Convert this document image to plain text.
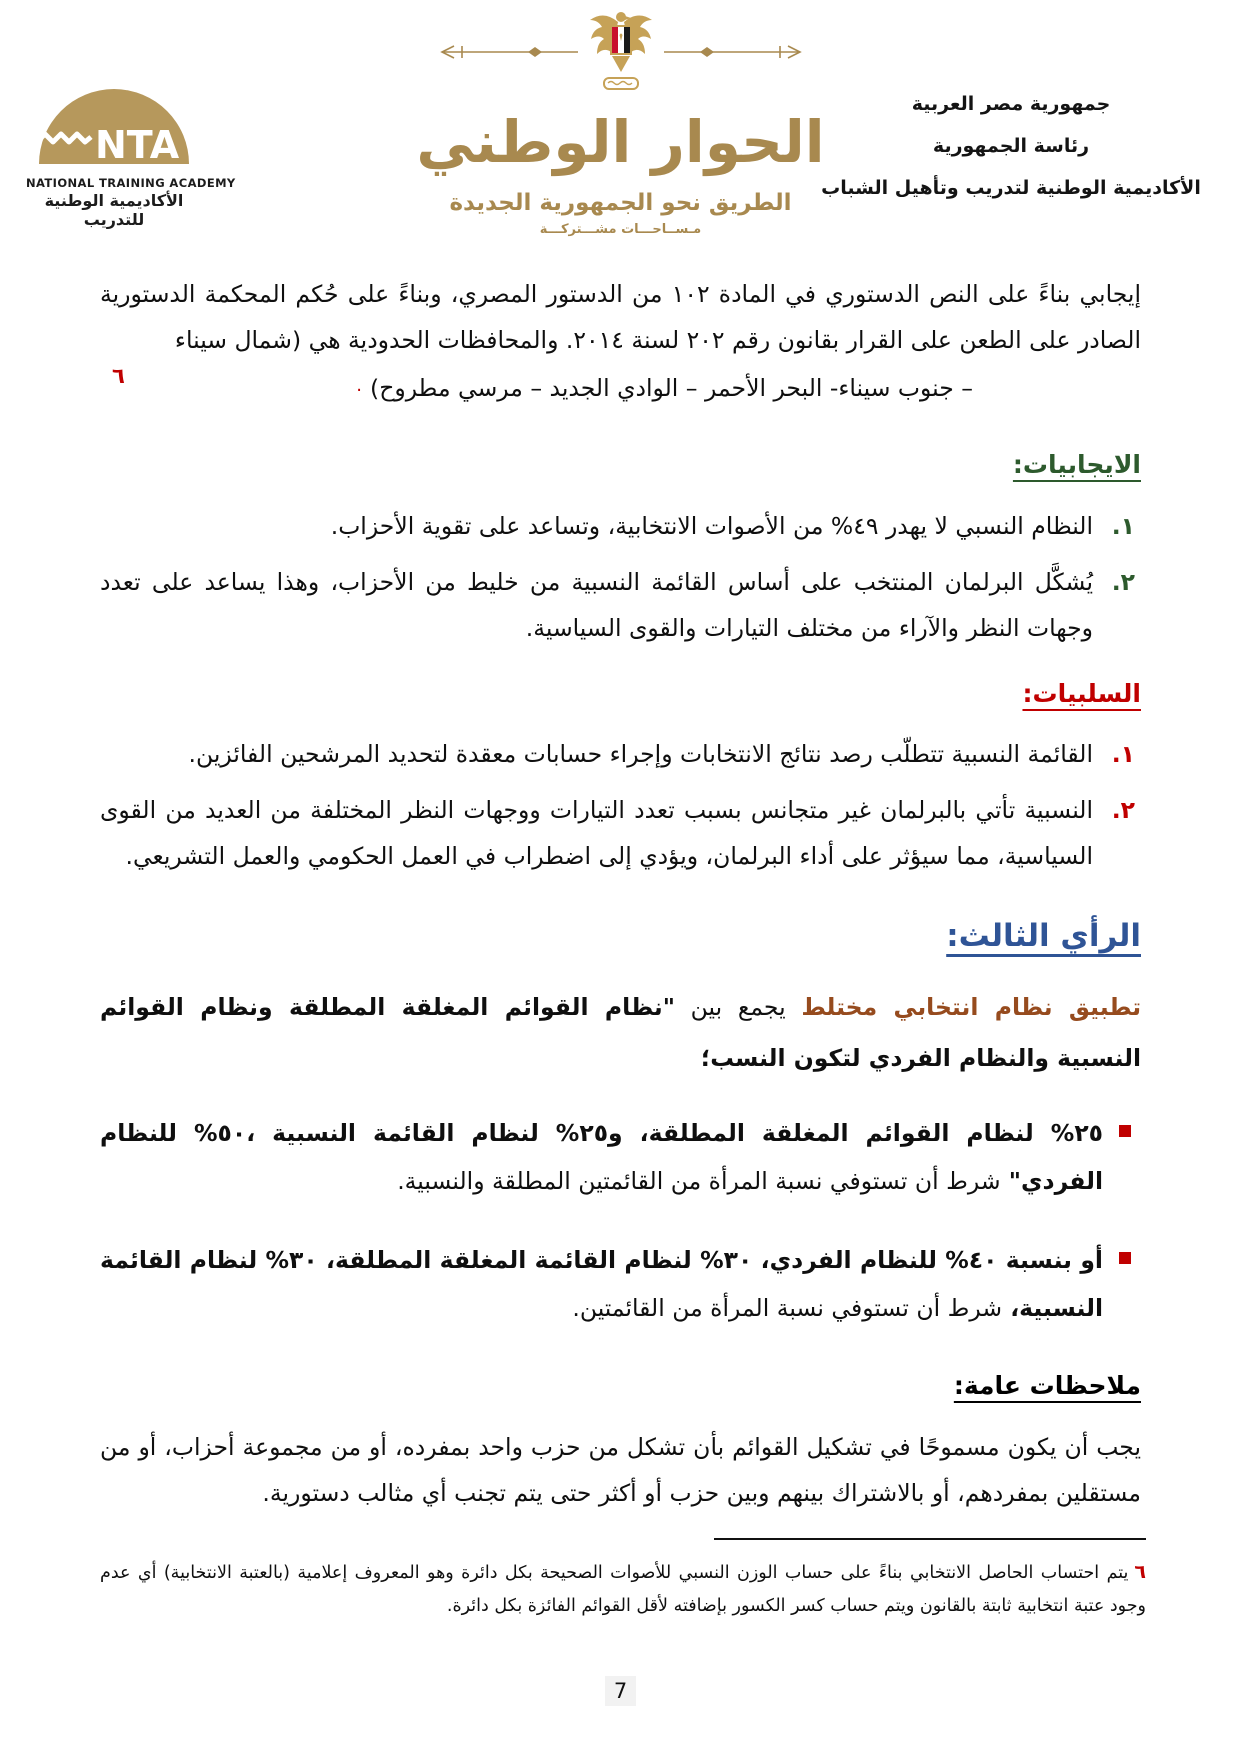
NTA
NATIONAL TRAINING ACADEMY
الأكاديمية الوطنية للتدريب
الحوار الوطني
الطريق نحو الجمهورية الجديدة
مـســاحـــات مشـــتركـــة
جمهورية مصر العربية
رئاسة الجمهورية
الأكاديمية الوطنية لتدريب وتأهيل الشباب

إيجابي بناءً على النص الدستوري في المادة ١٠٢ من الدستور المصري، وبناءً على حُكم المحكمة الدستورية الصادر على الطعن على القرار بقانون رقم ٢٠٢ لسنة ٢٠١٤. والمحافظات الحدودية هي (شمال سيناء

– جنوب سيناء- البحر الأحمر – الوادي الجديد – مرسي مطروح)·
٦
الايجابيات:
١.
النظام النسبي لا يهدر ٤٩% من الأصوات الانتخابية، وتساعد على تقوية الأحزاب.
٢.
يُشكَّل البرلمان المنتخب على أساس القائمة النسبية من خليط من الأحزاب، وهذا يساعد على تعدد وجهات النظر والآراء من مختلف التيارات والقوى السياسية.
السلبيات:
١.
القائمة النسبية تتطلّب رصد نتائج الانتخابات وإجراء حسابات معقدة لتحديد المرشحين الفائزين.
٢.
النسبية تأتي بالبرلمان غير متجانس بسبب تعدد التيارات ووجهات النظر المختلفة من العديد من القوى السياسية، مما سيؤثر على أداء البرلمان، ويؤدي إلى اضطراب في العمل الحكومي والعمل التشريعي.
الرأي الثالث:

تطبيق نظام انتخابي مختلط يجمع بين "نظام القوائم المغلقة المطلقة ونظام القوائم النسبية والنظام الفردي لتكون النسب؛

٢٥% لنظام القوائم المغلقة المطلقة، و٢٥% لنظام القائمة النسبية ،٥٠% للنظام الفردي" شرط أن تستوفي نسبة المرأة من القائمتين المطلقة والنسبية.
أو بنسبة ٤٠% للنظام الفردي، ٣٠% لنظام القائمة المغلقة المطلقة، ٣٠% لنظام القائمة النسبية، شرط أن تستوفي نسبة المرأة من القائمتين.
ملاحظات عامة:

يجب أن يكون مسموحًا في تشكيل القوائم بأن تشكل من حزب واحد بمفرده، أو من مجموعة أحزاب، أو من مستقلين بمفردهم، أو بالاشتراك بينهم وبين حزب أو أكثر حتى يتم تجنب أي مثالب دستورية.

٦يتم احتساب الحاصل الانتخابي بناءً على حساب الوزن النسبي للأصوات الصحيحة بكل دائرة وهو المعروف إعلامية (بالعتبة الانتخابية) أي عدم وجود عتبة انتخابية ثابتة بالقانون ويتم حساب كسر الكسور بإضافته لأقل القوائم الفائزة بكل دائرة.

7
